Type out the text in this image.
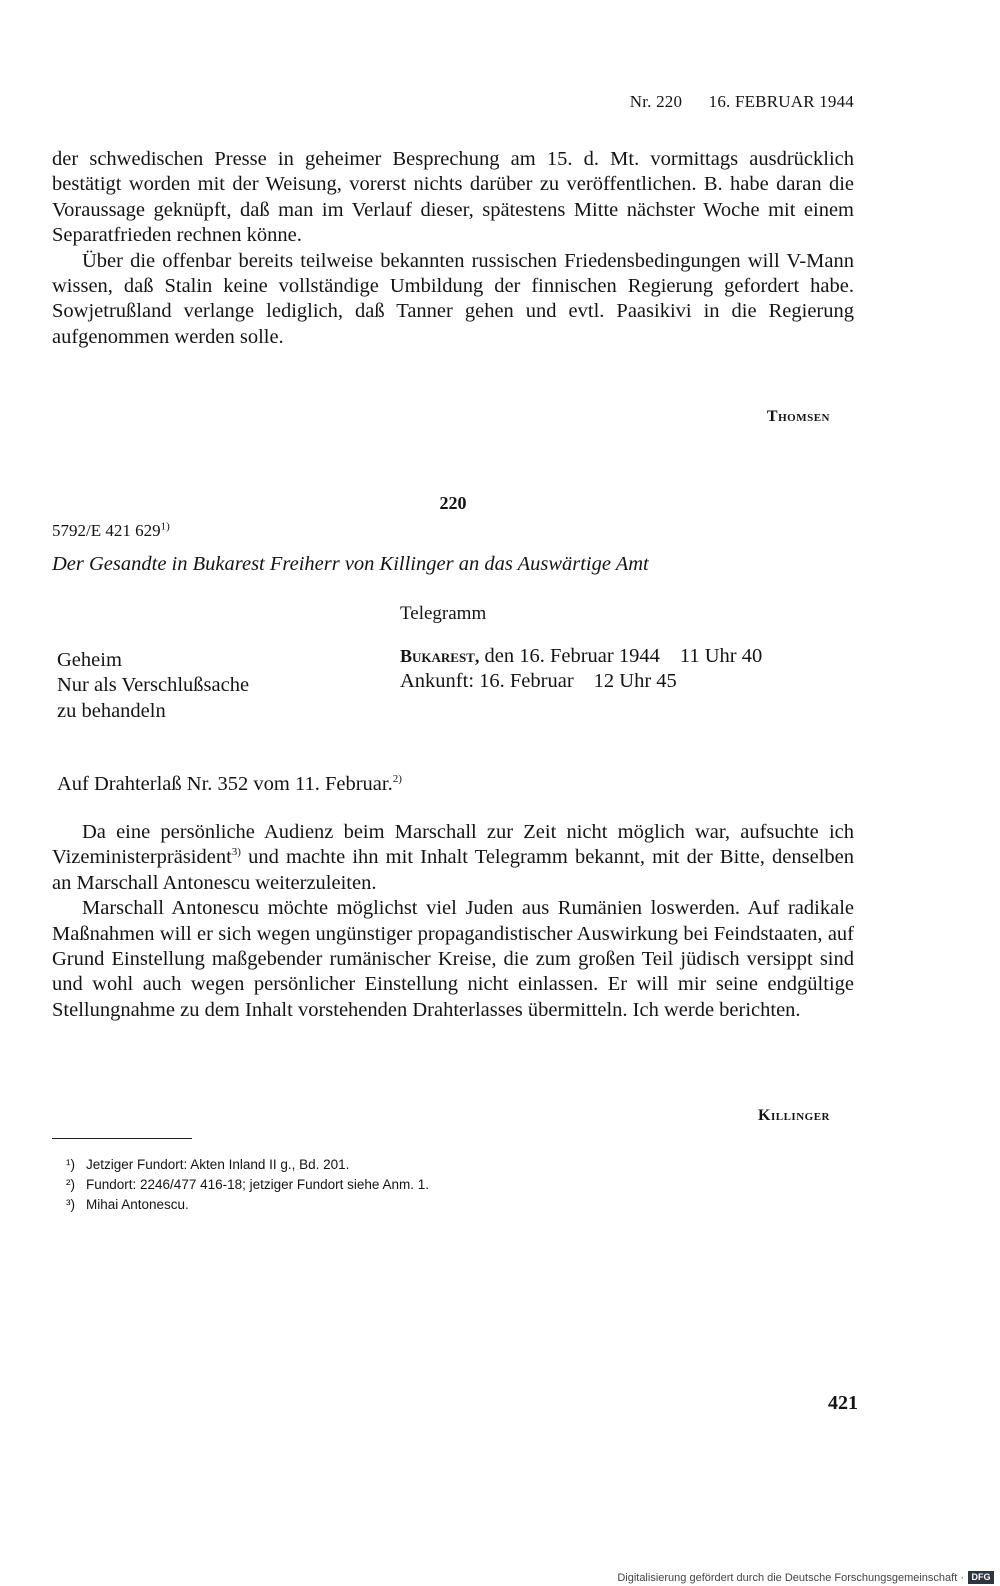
Nr. 220 16. FEBRUAR 1944

der schwedischen Presse in geheimer Besprechung am 15. d. Mt. vormittags ausdrücklich bestätigt worden mit der Weisung, vorerst nichts darüber zu veröffentlichen. B. habe daran die Voraussage geknüpft, daß man im Verlauf dieser, spätestens Mitte nächster Woche mit einem Separatfrieden rechnen könne.

Über die offenbar bereits teilweise bekannten russischen Friedensbedingungen will V-Mann wissen, daß Stalin keine vollständige Umbildung der finnischen Regierung gefordert habe. Sowjetrußland verlange lediglich, daß Tanner gehen und evtl. Paasikivi in die Regierung aufgenommen werden solle.

Thomsen
220
5792/E 421 629$^{1)}$
Der Gesandte in Bukarest Freiherr von Killinger an das Auswärtige Amt
Telegramm
Geheim
Nur als Verschlußsache
zu behandeln
Bukarest, den 16. Februar 1944 11 Uhr 40
Ankunft: 16. Februar 12 Uhr 45
Auf Drahterlaß Nr. 352 vom 11. Februar.$^{2)}$

Da eine persönliche Audienz beim Marschall zur Zeit nicht möglich war, aufsuchte ich Vizeministerpräsident$^{3)}$ und machte ihn mit Inhalt Telegramm bekannt, mit der Bitte, denselben an Marschall Antonescu weiterzuleiten.

Marschall Antonescu möchte möglichst viel Juden aus Rumänien loswerden. Auf radikale Maßnahmen will er sich wegen ungünstiger propagandistischer Auswirkung bei Feindstaaten, auf Grund Einstellung maßgebender rumänischer Kreise, die zum großen Teil jüdisch versippt sind und wohl auch wegen persönlicher Einstellung nicht einlassen. Er will mir seine endgültige Stellungnahme zu dem Inhalt vorstehenden Drahterlasses übermitteln. Ich werde berichten.

Killinger
¹) Jetziger Fundort: Akten Inland II g., Bd. 201.
²) Fundort: 2246/477 416-18; jetziger Fundort siehe Anm. 1.
³) Mihai Antonescu.
421
Digitalisierung gefördert durch die Deutsche Forschungsgemeinschaft · DFG
